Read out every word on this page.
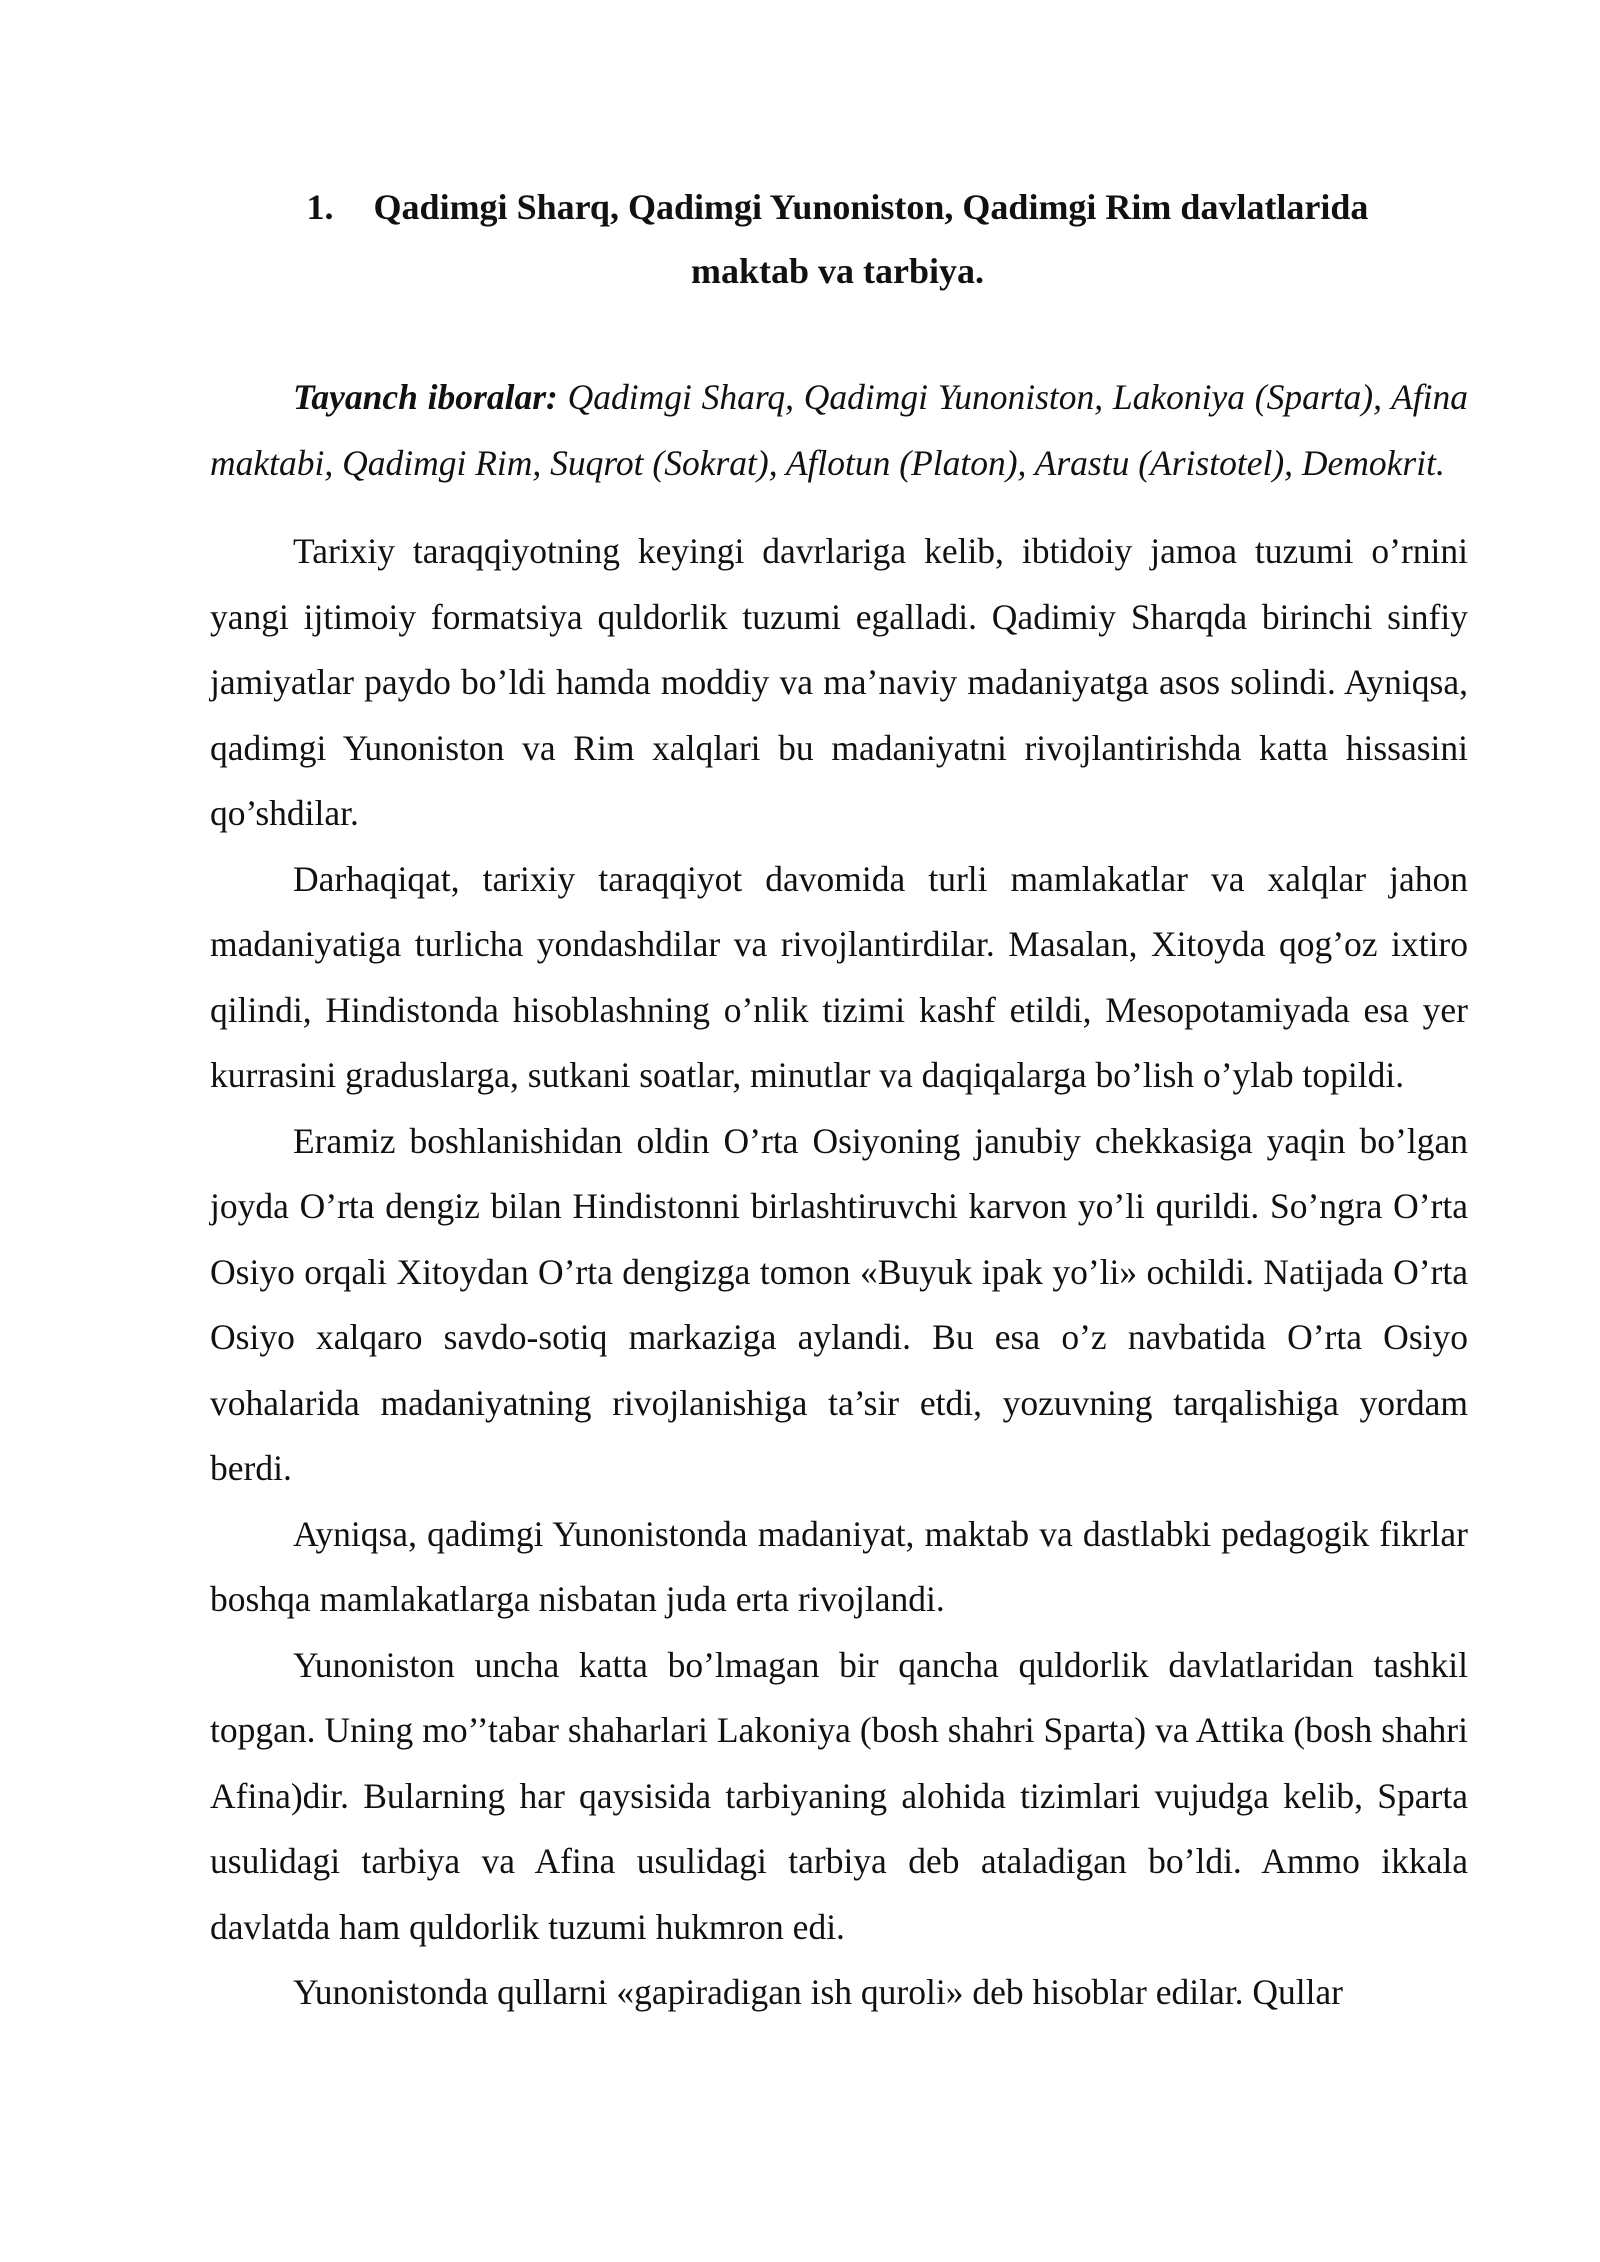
1. Qadimgi Sharq, Qadimgi Yunoniston, Qadimgi Rim davlatlarida
maktab va tarbiya.

Tayanch iboralar: Qadimgi Sharq, Qadimgi Yunoniston, Lakoniya (Sparta), Afina maktabi, Qadimgi Rim, Suqrot (Sokrat), Aflotun (Platon), Arastu (Aristotel), Demokrit.

Tarixiy taraqqiyotning keyingi davrlariga kelib, ibtidoiy jamoa tuzumi o’rnini yangi ijtimoiy formatsiya quldorlik tuzumi egalladi. Qadimiy Sharqda birinchi sinfiy jamiyatlar paydo bo’ldi hamda moddiy va ma’naviy madaniyatga asos solindi. Ayniqsa, qadimgi Yunoniston va Rim xalqlari bu madaniyatni rivojlantirishda katta hissasini qo’shdilar.

Darhaqiqat, tarixiy taraqqiyot davomida turli mamlakatlar va xalqlar jahon madaniyatiga turlicha yondashdilar va rivojlantirdilar. Masalan, Xitoyda qog’oz ixtiro qilindi, Hindistonda hisoblashning o’nlik tizimi kashf etildi, Mesopotamiyada esa yer kurrasini graduslarga, sutkani soatlar, minutlar va daqiqalarga bo’lish o’ylab topildi.

Eramiz boshlanishidan oldin O’rta Osiyoning janubiy chekkasiga yaqin bo’lgan joyda O’rta dengiz bilan Hindistonni birlashtiruvchi karvon yo’li qurildi. So’ngra O’rta Osiyo orqali Xitoydan O’rta dengizga tomon «Buyuk ipak yo’li» ochildi. Natijada O’rta Osiyo xalqaro savdo-sotiq markaziga aylandi. Bu esa o’z navbatida O’rta Osiyo vohalarida madaniyatning rivojlanishiga ta’sir etdi, yozuvning tarqalishiga yordam berdi.

Ayniqsa, qadimgi Yunonistonda madaniyat, maktab va dastlabki pedagogik fikrlar boshqa mamlakatlarga nisbatan juda erta rivojlandi.

Yunoniston uncha katta bo’lmagan bir qancha quldorlik davlatlaridan tashkil topgan. Uning mo’’tabar shaharlari Lakoniya (bosh shahri Sparta) va Attika (bosh shahri Afina)dir. Bularning har qaysisida tarbiyaning alohida tizimlari vujudga kelib, Sparta usulidagi tarbiya va Afina usulidagi tarbiya deb ataladigan bo’ldi. Ammo ikkala davlatda ham quldorlik tuzumi hukmron edi.

Yunonistonda qullarni «gapiradigan ish quroli» deb hisoblar edilar. Qullar
